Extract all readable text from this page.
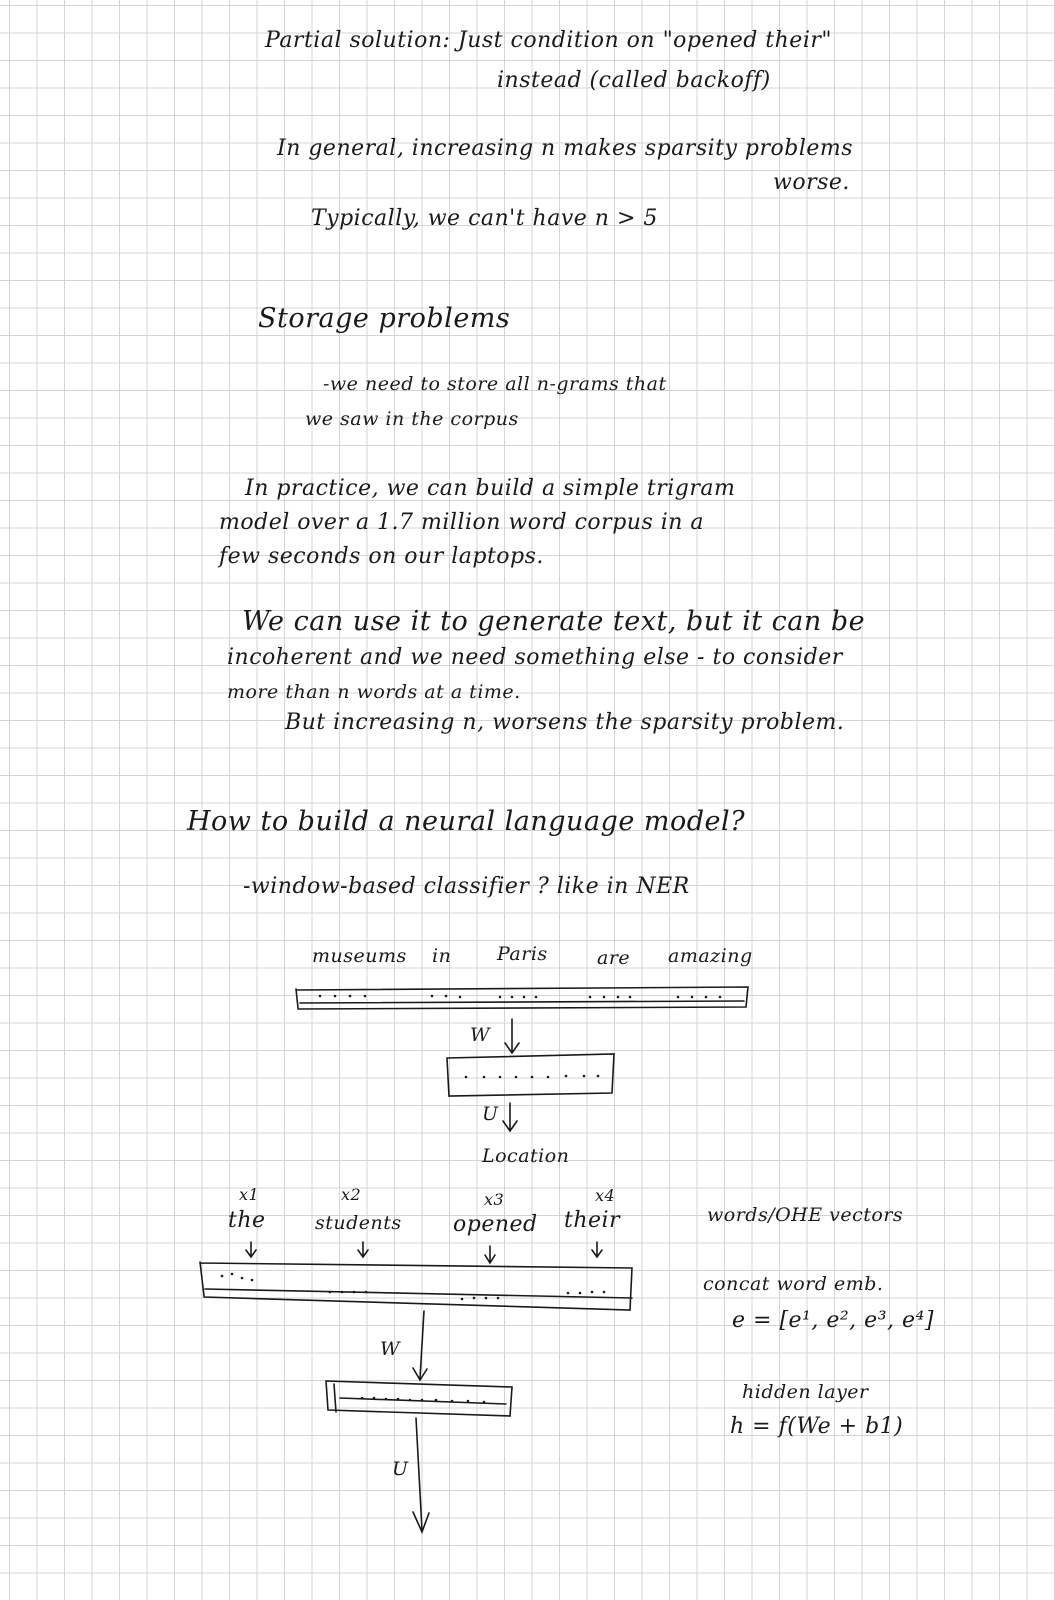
Partial solution: Just condition on "opened their"
instead (called backoff)
In general, increasing n makes sparsity problems
worse.
Typically, we can't have n > 5
Storage problems
-we need to store all n-grams that
we saw in the corpus
In practice, we can build a simple trigram
model over a 1.7 million word corpus in a
few seconds on our laptops.
We can use it to generate text, but it can be
incoherent and we need something else - to consider
more than n words at a time.
But increasing n, worsens the sparsity problem.
How to build a neural language model?
-window-based classifier ? like in NER
museums in Paris	are amazing
W
U
Location
x1	x2	x3	x4
the	students opened their
W
U
words/OHE vectors
concat word emb.
e = [e¹, e², e³, e⁴]
hidden layer
h = f(We + b1)
